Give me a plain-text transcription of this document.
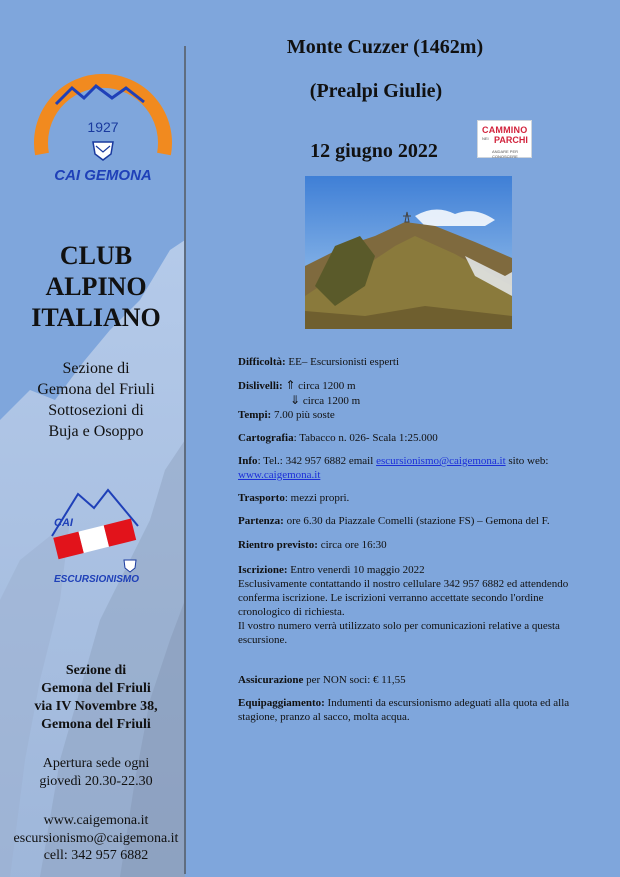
1927
CAI GEMONA
CLUB
ALPINO
ITALIANO
Sezione di
Gemona del Friuli
Sottosezioni di
Buja e Osoppo
CAI
ESCURSIONISMO
Sezione di
Gemona del Friuli
via IV Novembre 38,
Gemona del Friuli
Apertura sede ogni
giovedì 20.30-22.30
www.caigemona.it
escursionismo@caigemona.it
cell: 342 957 6882
Monte Cuzzer (1462m)
(Prealpi Giulie)
12 giugno 2022
CAMMINO
NEI PARCHI
ANDARE PER CONOSCERE

Difficoltà: EE– Escursionisti esperti

Dislivelli: ⇑ circa 1200 m

⇓ circa 1200 m

Tempi: 7.00 più soste

Cartografia: Tabacco n. 026- Scala 1:25.000

Info: Tel.: 342 957 6882 email escursionismo@caigemona.it sito web: www.caigemona.it

Trasporto: mezzi propri.

Partenza: ore 6.30 da Piazzale Comelli (stazione FS) – Gemona del F.

Rientro previsto: circa ore 16:30

Iscrizione: Entro venerdì 10 maggio 2022

Esclusivamente contattando il nostro cellulare 342 957 6882 ed attendendo conferma iscrizione. Le iscrizioni verranno accettate secondo l'ordine cronologico di richiesta.

Il vostro numero verrà utilizzato solo per comunicazioni relative a questa escursione.

Assicurazione per NON soci: € 11,55

Equipaggiamento: Indumenti da escursionismo adeguati alla quota ed alla stagione, pranzo al sacco, molta acqua.
